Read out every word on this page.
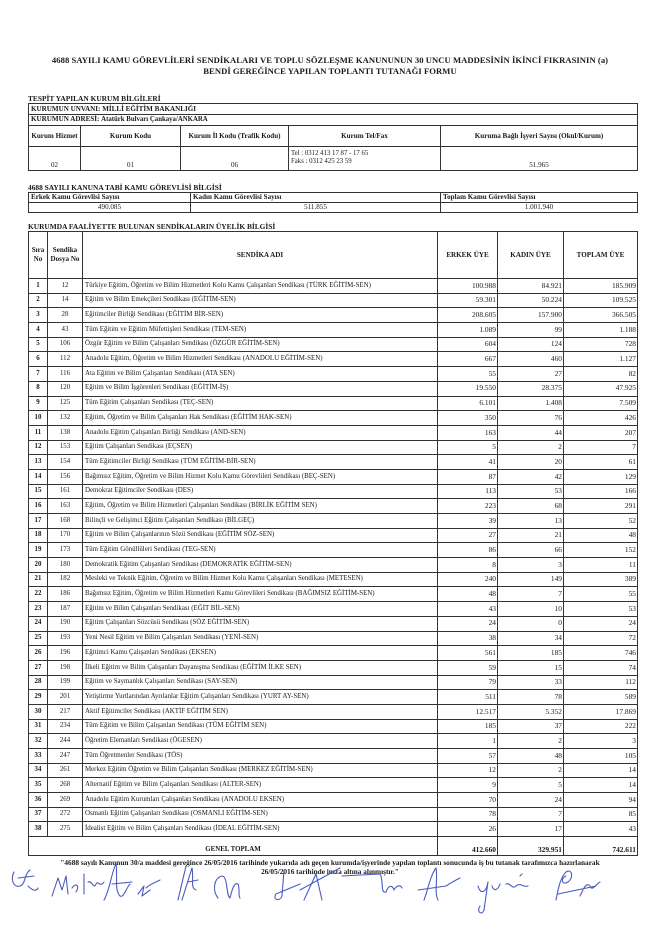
4688 SAYILI KAMU GÖREVLİLERİ SENDİKALARI VE TOPLU SÖZLEŞME KANUNUNUN 30 UNCU MADDESİNİN İKİNCİ FIKRASININ (a)
BENDİ GEREĞİNCE YAPILAN TOPLANTI TUTANAĞI FORMU
TESPİT YAPILAN KURUM BİLGİLERİ
KURUMUN UNVANI: MİLLİ EĞİTİM BAKANLIĞI				
KURUMUN ADRESİ: Atatürk Bulvarı Çankaya/ANKARA				
Kurum Hizmet	Kurum Kodu	Kurum İl Kodu (Trafik Kodu)	Kurum Tel/Fax	Kuruma Bağlı İşyeri Sayısı (Okul/Kurum)
02	01	06	Tel : 0312 413 17 87 - 17 65
Faks : 0312 425 23 59	51.965
4688 SAYILI KANUNA TABİ KAMU GÖREVLİSİ BİLGİSİ
Erkek Kamu Görevlisi Sayısı	Kadın Kamu Görevlisi Sayısı	Toplam Kamu Görevlisi Sayısı
490.085	511.855	1.001.940
KURUMDA FAALİYETTE BULUNAN SENDİKALARIN ÜYELİK BİLGİSİ
Sıra No	Sendika Dosya No	SENDİKA ADI	ERKEK ÜYE	KADIN ÜYE	TOPLAM ÜYE
1	12	Türkiye Eğitim, Öğretim ve Bilim Hizmetleri Kolu Kamu Çalışanları Sendikası (TÜRK EĞİTİM-SEN)	100.988	84.921	185.909
2	14	Eğitim ve Bilim Emekçileri Sendikası (EĞİTİM-SEN)	59.301	50.224	109.525
3	28	Eğitimciler Birliği Sendikası (EĞİTİM BİR-SEN)	208.605	157.900	366.505
4	43	Tüm Eğitim ve Eğitim Müfettişleri Sendikası (TEM-SEN)	1.089	99	1.188
5	106	Özgür Eğitim ve Bilim Çalışanları Sendikası (ÖZGÜR EĞİTİM-SEN)	604	124	728
6	112	Anadolu Eğitim, Öğretim ve Bilim Hizmetleri Sendikası (ANADOLU EĞİTİM-SEN)	667	460	1.127
7	116	Ata Eğitim ve Bilim Çalışanları Sendikası (ATA SEN)	55	27	82
8	120	Eğitim ve Bilim İşgörenleri Sendikası (EĞİTİM-İŞ)	19.550	28.375	47.925
9	125	Tüm Eğitim Çalışanları Sendikası (TEÇ-SEN)	6.101	1.408	7.509
10	132	Eğitim, Öğretim ve Bilim Çalışanları Hak Sendikası (EĞİTİM HAK-SEN)	350	76	426
11	138	Anadolu Eğitim Çalışanları Birliği Sendikası (AND-SEN)	163	44	207
12	153	Eğitim Çalışanları Sendikası (EÇSEN)	5	2	7
13	154	Tüm Eğitimciler Birliği Sendikası (TÜM EĞİTİM-BİR-SEN)	41	20	61
14	156	Bağımsız Eğitim, Öğretim ve Bilim Hizmet Kolu Kamu Görevlileri Sendikası (BEÇ-SEN)	87	42	129
15	161	Demokrat Eğitimciler Sendikası (DES)	113	53	166
16	163	Eğitim, Öğretim ve Bilim Hizmetleri Çalışanları Sendikası (BİRLİK EĞİTİM SEN)	223	68	291
17	168	Bilinçli ve Gelişimci Eğitim Çalışanları Sendikası (BİLGEÇ)	39	13	52
18	170	Eğitim ve Bilim Çalışanlarının Sözü Sendikası (EĞİTİM SÖZ-SEN)	27	21	48
19	173	Tüm Eğitim Gönüllüleri Sendikası (TEG-SEN)	86	66	152
20	180	Demokratik Eğitim Çalışanları Sendikası (DEMOKRATİK EĞİTİM-SEN)	8	3	11
21	182	Mesleki ve Teknik Eğitim, Öğretim ve Bilim Hizmet Kolu Kamu Çalışanları Sendikası (METESEN)	240	149	389
22	186	Bağımsız Eğitim, Öğretim ve Bilim Hizmetleri Kamu Görevlileri Sendikası (BAĞIMSIZ EĞİTİM-SEN)	48	7	55
23	187	Eğitim ve Bilim Çalışanları Sendikası (EĞİT BİL-SEN)	43	10	53
24	190	Eğitim Çalışanları Sözcüsü Sendikası (SÖZ EĞİTİM-SEN)	24	0	24
25	193	Yeni Nesil Eğitim ve Bilim Çalışanları Sendikası (YENİ-SEN)	38	34	72
26	196	Eğitimci Kamu Çalışanları Sendikası (EKSEN)	561	185	746
27	198	İlkeli Eğitim ve Bilim Çalışanları Dayanışma Sendikası (EĞİTİM İLKE SEN)	59	15	74
28	199	Eğitim ve Saymanlık Çalışanları Sendikası (SAY-SEN)	79	33	112
29	201	Yetiştirme Yurtlarından Ayrılanlar Eğitim Çalışanları Sendikası (YURT AY-SEN)	511	78	589
30	217	Aktif Eğitimciler Sendikası (AKTİF EĞİTİM SEN)	12.517	5.352	17.869
31	234	Tüm Eğitim ve Bilim Çalışanları Sendikası (TÜM EĞİTİM SEN)	185	37	222
32	244	Öğretim Elemanları Sendikası (ÖGESEN)	1	2	3
33	247	Tüm Öğretmenler Sendikası (TÖS)	57	48	105
34	261	Merkez Eğitim Öğretim ve Bilim Çalışanları Sendikası (MERKEZ EĞİTİM-SEN)	12	2	14
35	268	Alternatif Eğitim ve Bilim Çalışanları Sendikası (ALTER-SEN)	9	5	14
36	269	Anadolu Eğitim Kurumları Çalışanları Sendikası (ANADOLU EKSEN)	70	24	94
37	272	Osmanlı Eğitim Çalışanları Sendikası (OSMANLI EĞİTİM-SEN)	78	7	85
38	275	İdealist Eğitim ve Bilim Çalışanları Sendikası (İDEAL EĞİTİM-SEN)	26	17	43
GENEL TOPLAM			412.660	329.951	742.611
"4688 sayılı Kanunun 30/a maddesi gereğince 26/05/2016 tarihinde yukarıda adı geçen kurumda/işyerinde yapılan toplantı sonucunda iş bu tutanak tarafımızca hazırlanarak
26/05/2016 tarihinde imza altına alınmıştır."
